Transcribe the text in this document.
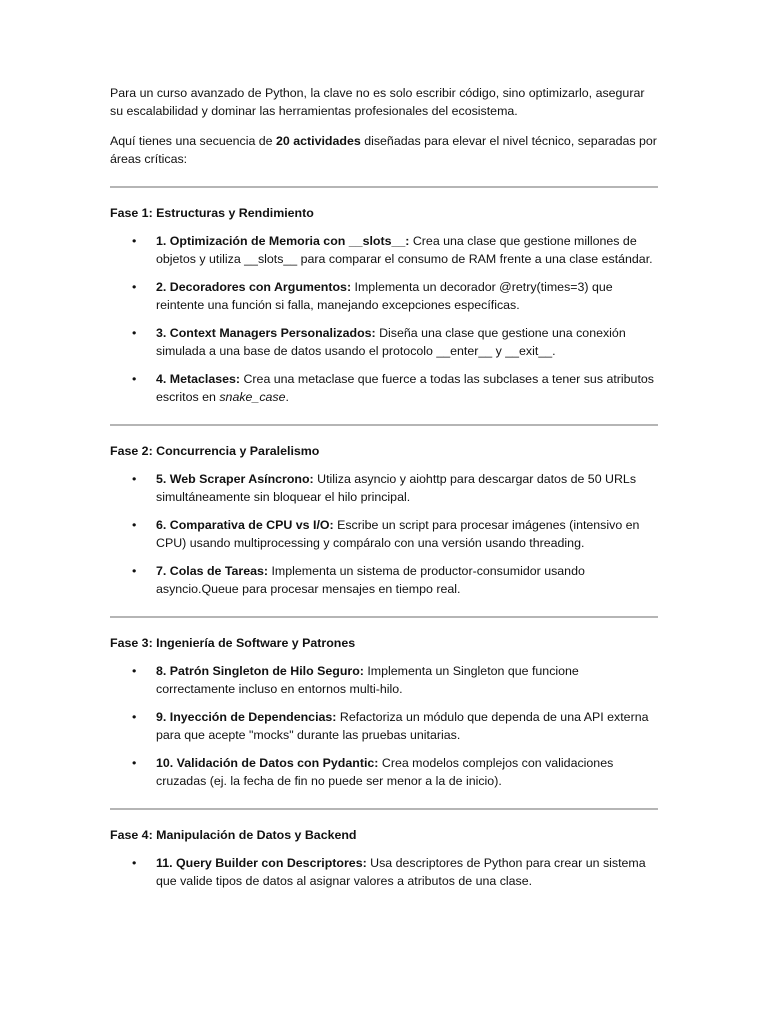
Para un curso avanzado de Python, la clave no es solo escribir código, sino optimizarlo, asegurar su escalabilidad y dominar las herramientas profesionales del ecosistema.

Aquí tienes una secuencia de 20 actividades diseñadas para elevar el nivel técnico, separadas por áreas críticas:

Fase 1: Estructuras y Rendimiento
• 1. Optimización de Memoria con __slots__: Crea una clase que gestione millones de objetos y utiliza __slots__ para comparar el consumo de RAM frente a una clase estándar.
• 2. Decoradores con Argumentos: Implementa un decorador @retry(times=3) que reintente una función si falla, manejando excepciones específicas.
• 3. Context Managers Personalizados: Diseña una clase que gestione una conexión simulada a una base de datos usando el protocolo __enter__ y __exit__.
• 4. Metaclases: Crea una metaclase que fuerce a todas las subclases a tener sus atributos escritos en snake_case.
Fase 2: Concurrencia y Paralelismo
• 5. Web Scraper Asíncrono: Utiliza asyncio y aiohttp para descargar datos de 50 URLs simultáneamente sin bloquear el hilo principal.
• 6. Comparativa de CPU vs I/O: Escribe un script para procesar imágenes (intensivo en CPU) usando multiprocessing y compáralo con una versión usando threading.
• 7. Colas de Tareas: Implementa un sistema de productor-consumidor usando asyncio.Queue para procesar mensajes en tiempo real.
Fase 3: Ingeniería de Software y Patrones
• 8. Patrón Singleton de Hilo Seguro: Implementa un Singleton que funcione correctamente incluso en entornos multi-hilo.
• 9. Inyección de Dependencias: Refactoriza un módulo que dependa de una API externa para que acepte "mocks" durante las pruebas unitarias.
• 10. Validación de Datos con Pydantic: Crea modelos complejos con validaciones cruzadas (ej. la fecha de fin no puede ser menor a la de inicio).
Fase 4: Manipulación de Datos y Backend
• 11. Query Builder con Descriptores: Usa descriptores de Python para crear un sistema que valide tipos de datos al asignar valores a atributos de una clase.
